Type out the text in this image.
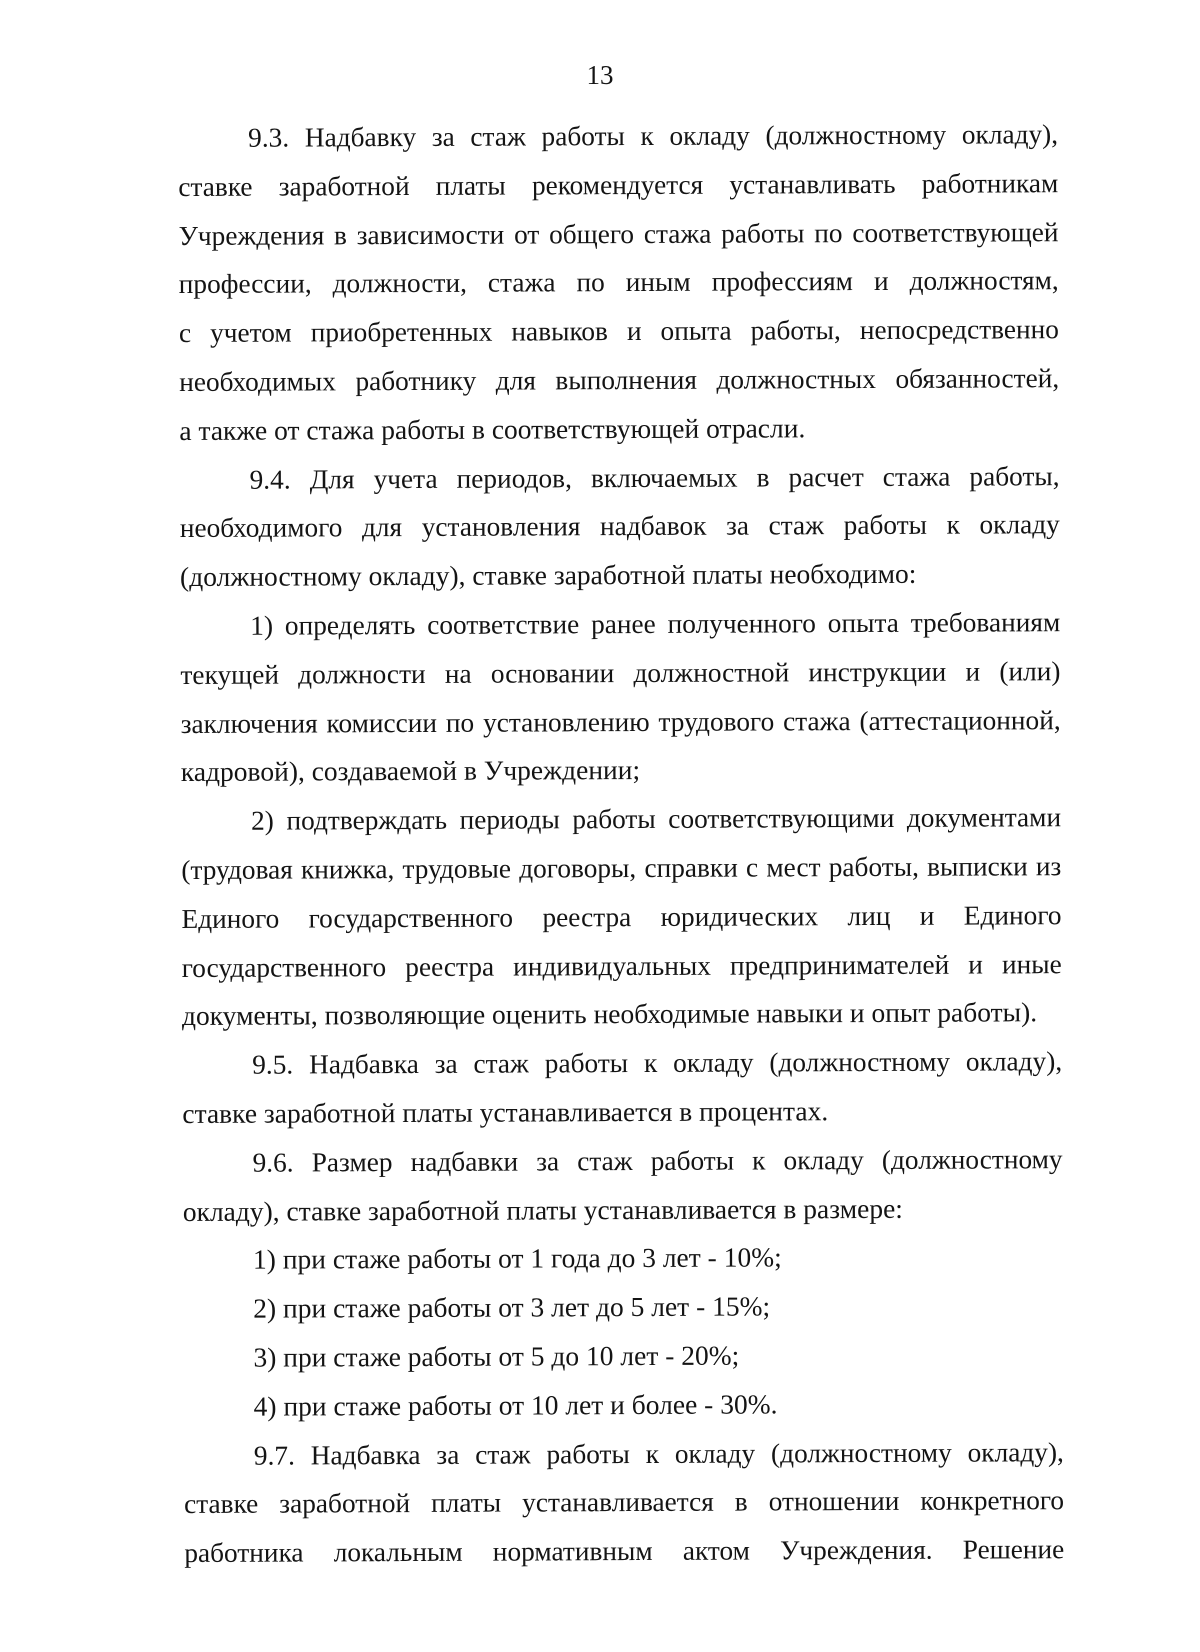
13
9.3. Надбавку за стаж работы к окладу (должностному окладу),
ставке заработной платы рекомендуется устанавливать работникам
Учреждения в зависимости от общего стажа работы по соответствующей
профессии, должности, стажа по иным профессиям и должностям,
с учетом приобретенных навыков и опыта работы, непосредственно
необходимых работнику для выполнения должностных обязанностей,
а также от стажа работы в соответствующей отрасли.
9.4. Для учета периодов, включаемых в расчет стажа работы,
необходимого для установления надбавок за стаж работы к окладу
(должностному окладу), ставке заработной платы необходимо:
1) определять соответствие ранее полученного опыта требованиям
текущей должности на основании должностной инструкции и (или)
заключения комиссии по установлению трудового стажа (аттестационной,
кадровой), создаваемой в Учреждении;
2) подтверждать периоды работы соответствующими документами
(трудовая книжка, трудовые договоры, справки с мест работы, выписки из
Единого государственного реестра юридических лиц и Единого
государственного реестра индивидуальных предпринимателей и иные
документы, позволяющие оценить необходимые навыки и опыт работы).
9.5. Надбавка за стаж работы к окладу (должностному окладу),
ставке заработной платы устанавливается в процентах.
9.6. Размер надбавки за стаж работы к окладу (должностному
окладу), ставке заработной платы устанавливается в размере:
1) при стаже работы от 1 года до 3 лет - 10%;
2) при стаже работы от 3 лет до 5 лет - 15%;
3) при стаже работы от 5 до 10 лет - 20%;
4) при стаже работы от 10 лет и более - 30%.
9.7. Надбавка за стаж работы к окладу (должностному окладу),
ставке заработной платы устанавливается в отношении конкретного
работника локальным нормативным актом Учреждения. Решение
